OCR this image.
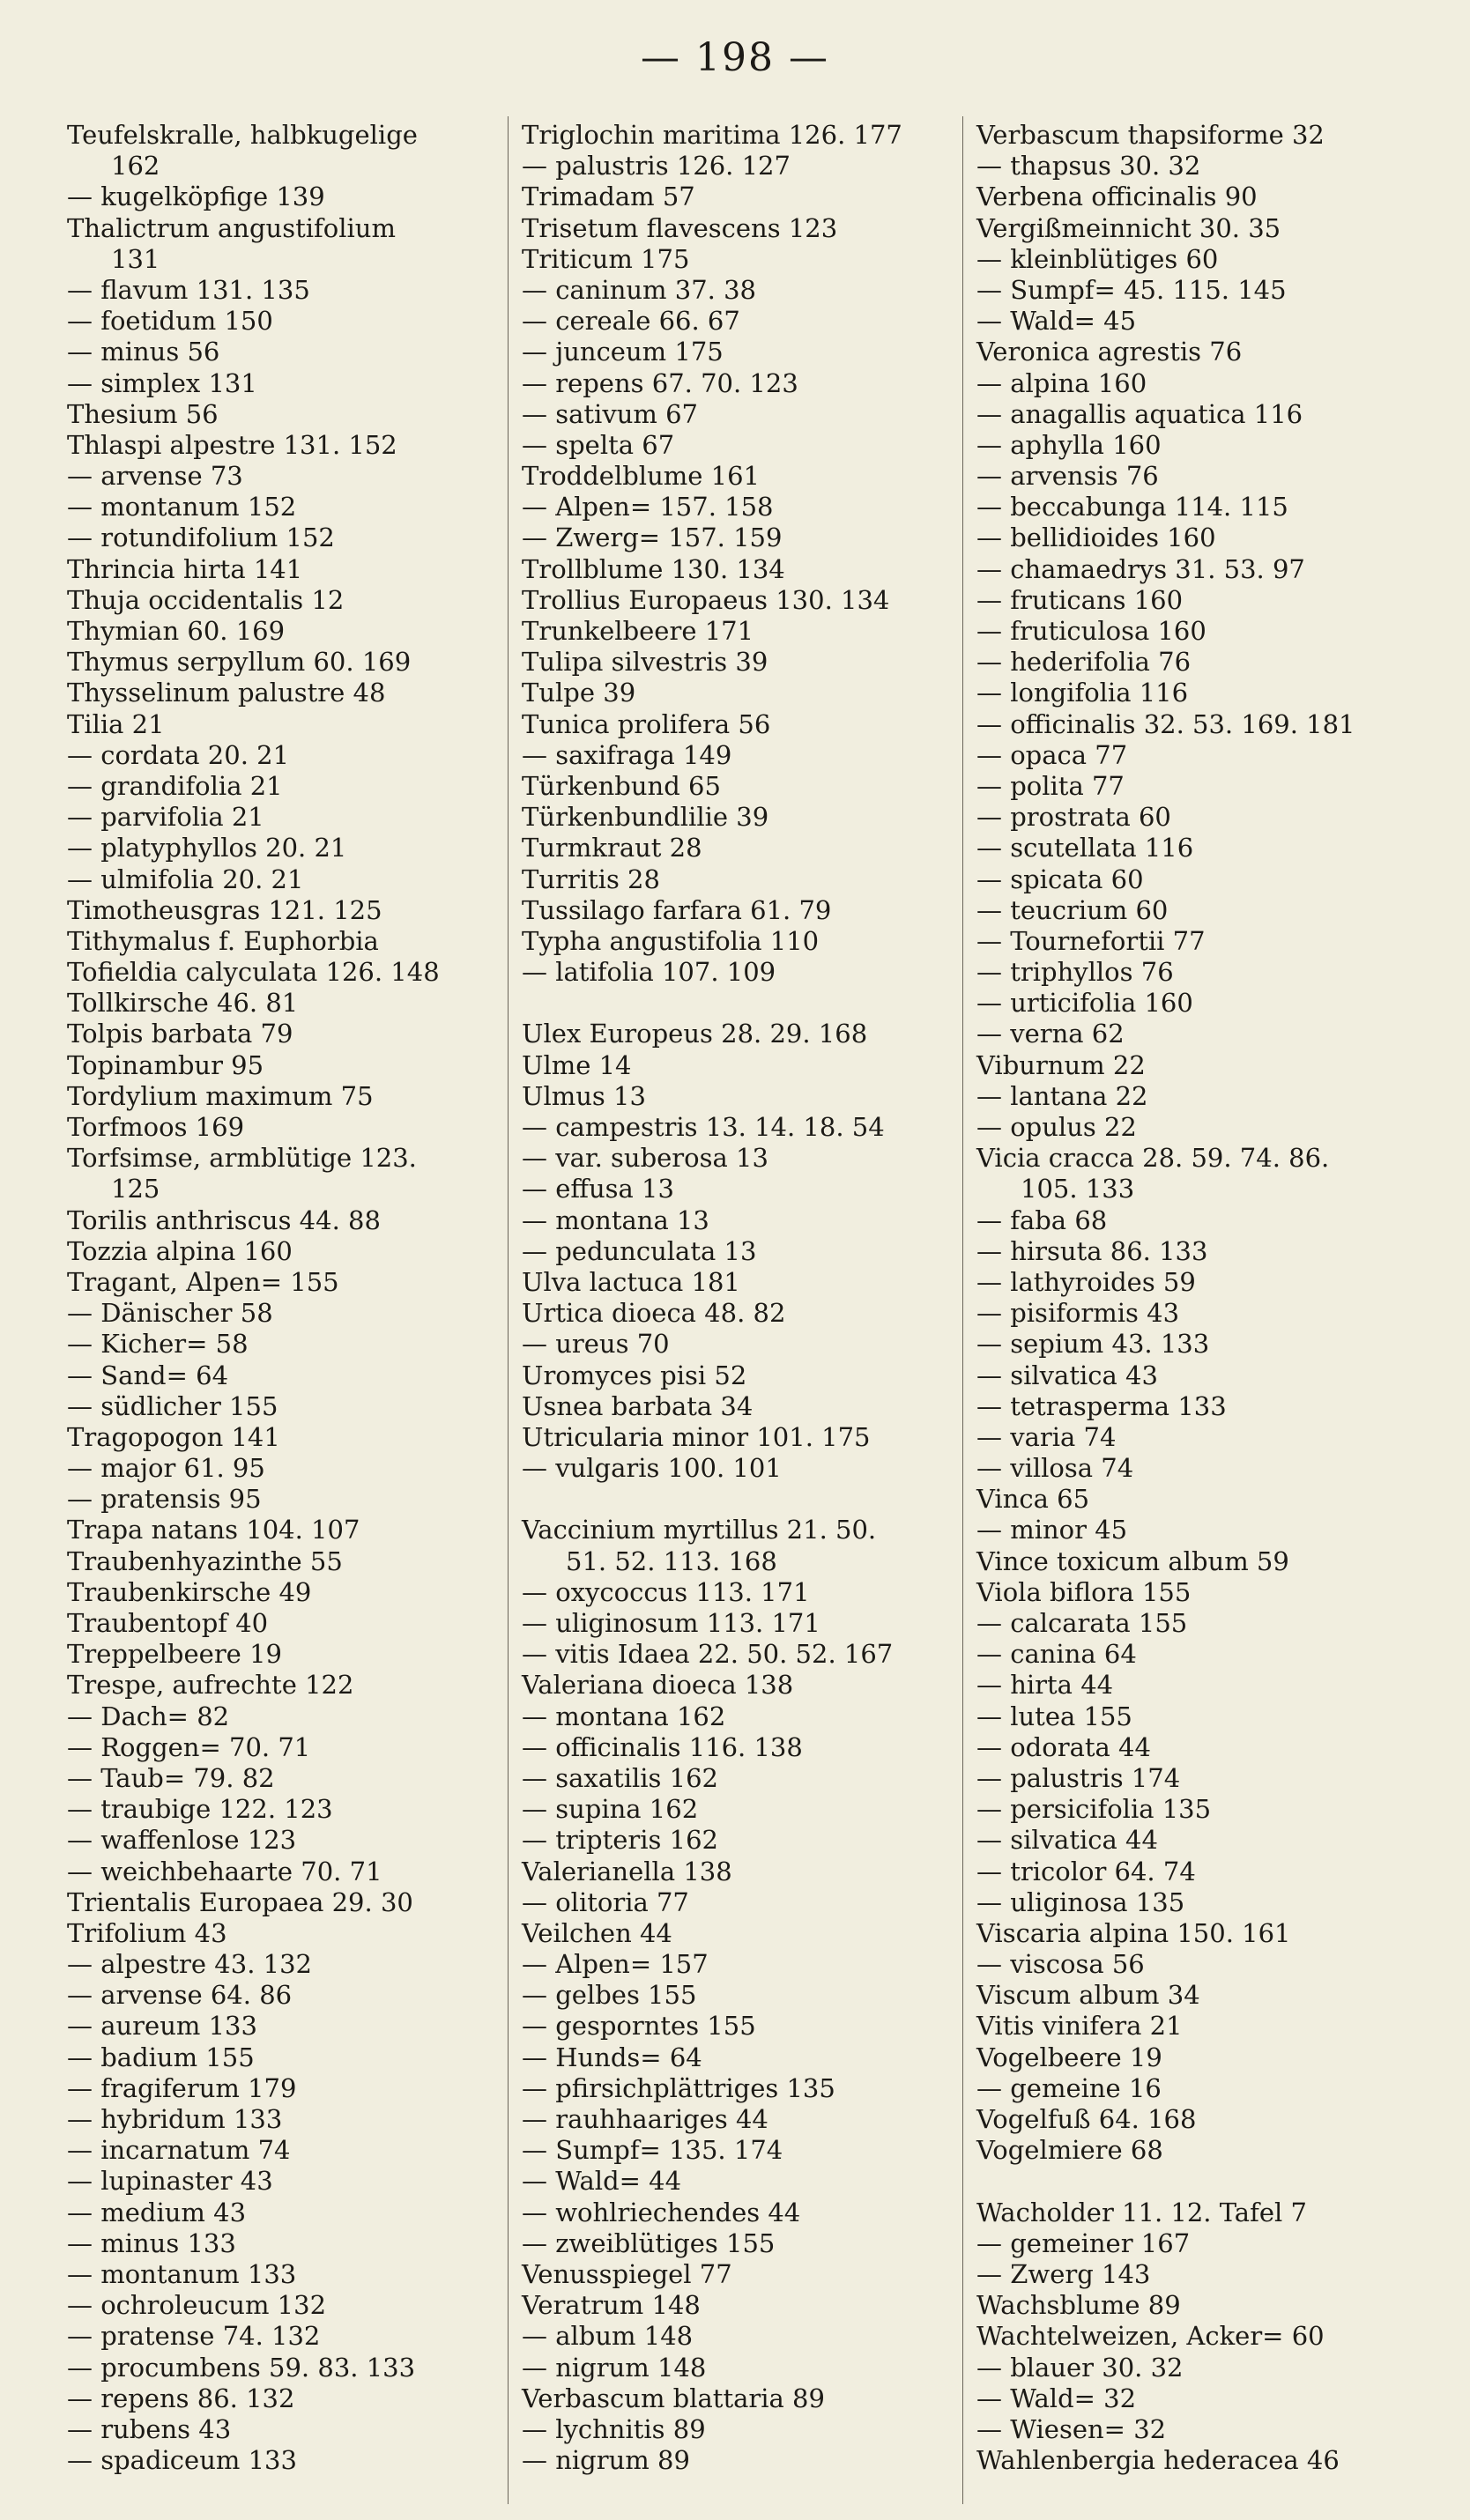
— 198 —
Teufelskralle, halbkugelige
162
— kugelköpfige 139
Thalictrum angustifolium
131
— flavum 131. 135
— foetidum 150
— minus 56
— simplex 131
Thesium 56
Thlaspi alpestre 131. 152
— arvense 73
— montanum 152
— rotundifolium 152
Thrincia hirta 141
Thuja occidentalis 12
Thymian 60. 169
Thymus serpyllum 60. 169
Thysselinum palustre 48
Tilia 21
— cordata 20. 21
— grandifolia 21
— parvifolia 21
— platyphyllos 20. 21
— ulmifolia 20. 21
Timotheusgras 121. 125
Tithymalus f. Euphorbia
Tofieldia calyculata 126. 148
Tollkirsche 46. 81
Tolpis barbata 79
Topinambur 95
Tordylium maximum 75
Torfmoos 169
Torfsimse, armblütige 123.
125
Torilis anthriscus 44. 88
Tozzia alpina 160
Tragant, Alpen= 155
— Dänischer 58
— Kicher= 58
— Sand= 64
— südlicher 155
Tragopogon 141
— major 61. 95
— pratensis 95
Trapa natans 104. 107
Traubenhyazinthe 55
Traubenkirsche 49
Traubentopf 40
Treppelbeere 19
Trespe, aufrechte 122
— Dach= 82
— Roggen= 70. 71
— Taub= 79. 82
— traubige 122. 123
— waffenlose 123
— weichbehaarte 70. 71
Trientalis Europaea 29. 30
Trifolium 43
— alpestre 43. 132
— arvense 64. 86
— aureum 133
— badium 155
— fragiferum 179
— hybridum 133
— incarnatum 74
— lupinaster 43
— medium 43
— minus 133
— montanum 133
— ochroleucum 132
— pratense 74. 132
— procumbens 59. 83. 133
— repens 86. 132
— rubens 43
— spadiceum 133
Triglochin maritima 126. 177
— palustris 126. 127
Trimadam 57
Trisetum flavescens 123
Triticum 175
— caninum 37. 38
— cereale 66. 67
— junceum 175
— repens 67. 70. 123
— sativum 67
— spelta 67
Troddelblume 161
— Alpen= 157. 158
— Zwerg= 157. 159
Trollblume 130. 134
Trollius Europaeus 130. 134
Trunkelbeere 171
Tulipa silvestris 39
Tulpe 39
Tunica prolifera 56
— saxifraga 149
Türkenbund 65
Türkenbundlilie 39
Turmkraut 28
Turritis 28
Tussilago farfara 61. 79
Typha angustifolia 110
— latifolia 107. 109
Ulex Europeus 28. 29. 168
Ulme 14
Ulmus 13
— campestris 13. 14. 18. 54
— var. suberosa 13
— effusa 13
— montana 13
— pedunculata 13
Ulva lactuca 181
Urtica dioeca 48. 82
— ureus 70
Uromyces pisi 52
Usnea barbata 34
Utricularia minor 101. 175
— vulgaris 100. 101
Vaccinium myrtillus 21. 50.
51. 52. 113. 168
— oxycoccus 113. 171
— uliginosum 113. 171
— vitis Idaea 22. 50. 52. 167
Valeriana dioeca 138
— montana 162
— officinalis 116. 138
— saxatilis 162
— supina 162
— tripteris 162
Valerianella 138
— olitoria 77
Veilchen 44
— Alpen= 157
— gelbes 155
— gesporntes 155
— Hunds= 64
— pfirsichplättriges 135
— rauhhaariges 44
— Sumpf= 135. 174
— Wald= 44
— wohlriechendes 44
— zweiblütiges 155
Venusspiegel 77
Veratrum 148
— album 148
— nigrum 148
Verbascum blattaria 89
— lychnitis 89
— nigrum 89
Verbascum thapsiforme 32
— thapsus 30. 32
Verbena officinalis 90
Vergißmeinnicht 30. 35
— kleinblütiges 60
— Sumpf= 45. 115. 145
— Wald= 45
Veronica agrestis 76
— alpina 160
— anagallis aquatica 116
— aphylla 160
— arvensis 76
— beccabunga 114. 115
— bellidioides 160
— chamaedrys 31. 53. 97
— fruticans 160
— fruticulosa 160
— hederifolia 76
— longifolia 116
— officinalis 32. 53. 169. 181
— opaca 77
— polita 77
— prostrata 60
— scutellata 116
— spicata 60
— teucrium 60
— Tournefortii 77
— triphyllos 76
— urticifolia 160
— verna 62
Viburnum 22
— lantana 22
— opulus 22
Vicia cracca 28. 59. 74. 86.
105. 133
— faba 68
— hirsuta 86. 133
— lathyroides 59
— pisiformis 43
— sepium 43. 133
— silvatica 43
— tetrasperma 133
— varia 74
— villosa 74
Vinca 65
— minor 45
Vince toxicum album 59
Viola biflora 155
— calcarata 155
— canina 64
— hirta 44
— lutea 155
— odorata 44
— palustris 174
— persicifolia 135
— silvatica 44
— tricolor 64. 74
— uliginosa 135
Viscaria alpina 150. 161
— viscosa 56
Viscum album 34
Vitis vinifera 21
Vogelbeere 19
— gemeine 16
Vogelfuß 64. 168
Vogelmiere 68
Wacholder 11. 12. Tafel 7
— gemeiner 167
— Zwerg 143
Wachsblume 89
Wachtelweizen, Acker= 60
— blauer 30. 32
— Wald= 32
— Wiesen= 32
Wahlenbergia hederacea 46
